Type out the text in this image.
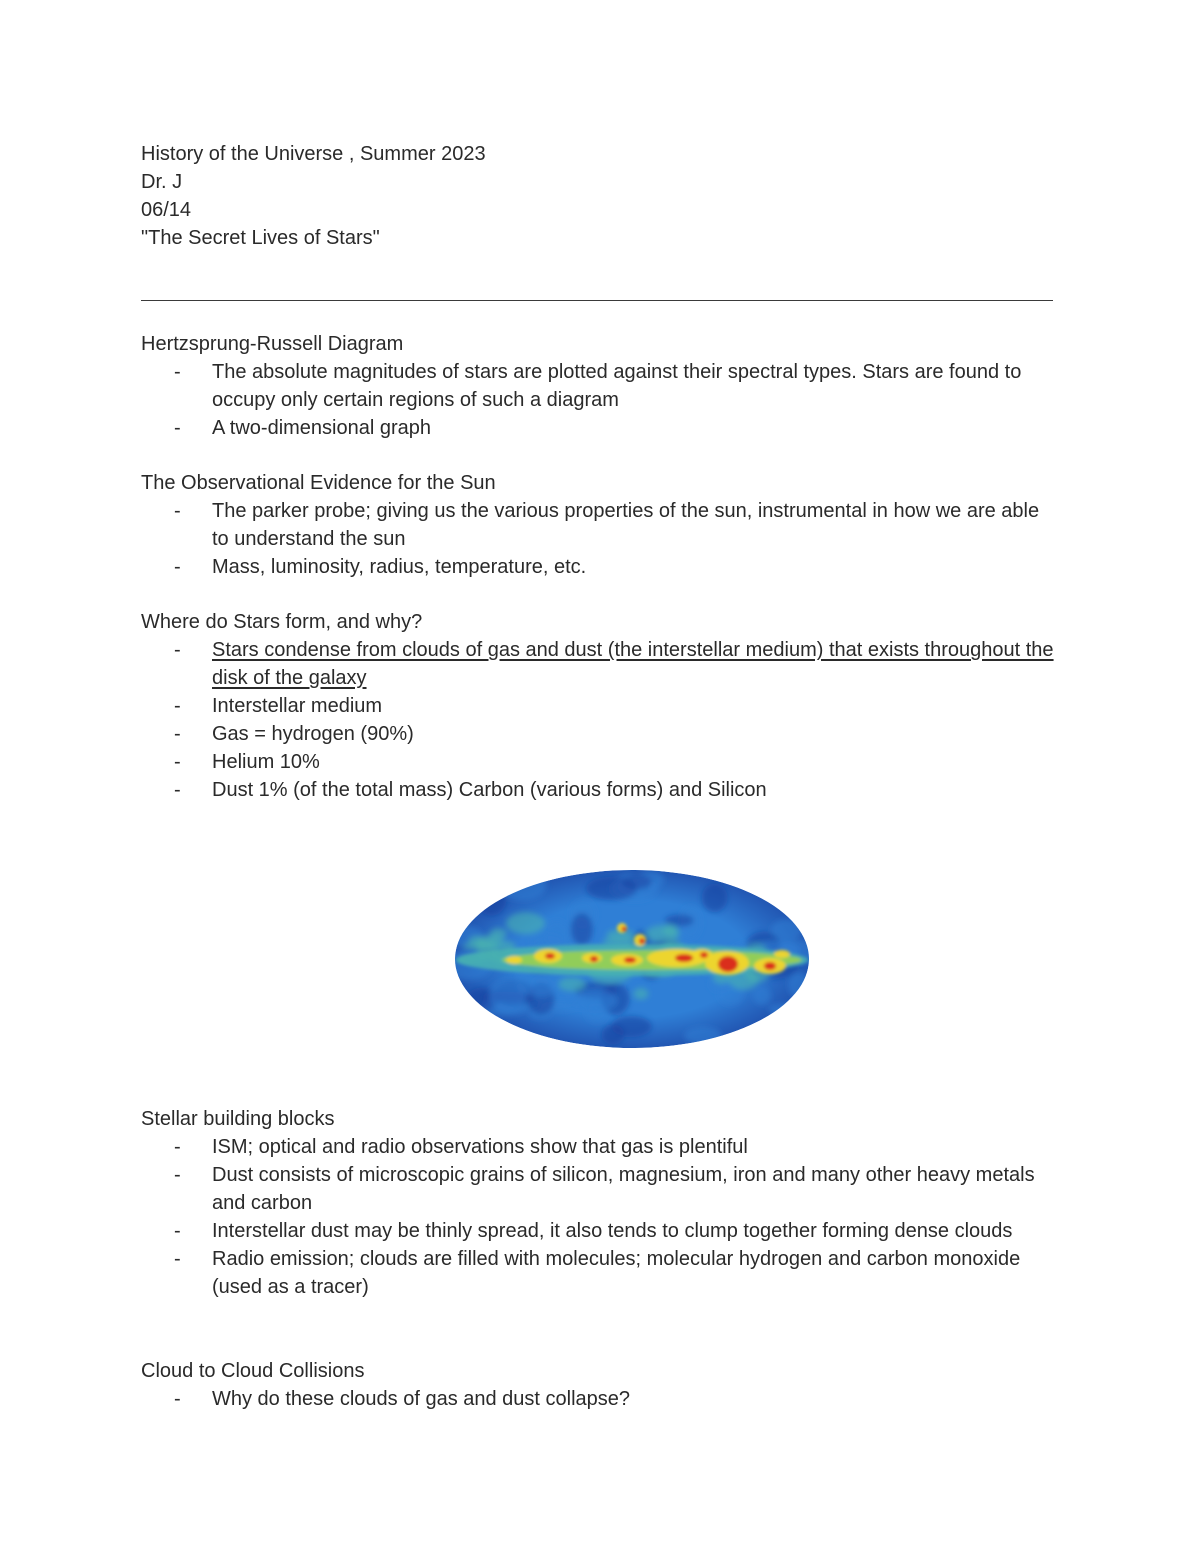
History of the Universe , Summer 2023

Dr. J

06/14

"The Secret Lives of Stars"

Hertzsprung-Russell Diagram

- The absolute magnitudes of stars are plotted against their spectral types. Stars are found to occupy only certain regions of such a diagram
- A two-dimensional graph

The Observational Evidence for the Sun

- The parker probe; giving us the various properties of the sun, instrumental in how we are able to understand the sun
- Mass, luminosity, radius, temperature, etc.

Where do Stars form, and why?

- Stars condense from clouds of gas and dust (the interstellar medium) that exists throughout the disk of the galaxy
- Interstellar medium
- Gas = hydrogen (90%)
- Helium 10%
- Dust 1% (of the total mass) Carbon (various forms) and Silicon

Stellar building blocks

- ISM; optical and radio observations show that gas is plentiful
- Dust consists of microscopic grains of silicon, magnesium, iron and many other heavy metals and carbon
- Interstellar dust may be thinly spread, it also tends to clump together forming dense clouds
- Radio emission; clouds are filled with molecules; molecular hydrogen and carbon monoxide (used as a tracer)

Cloud to Cloud Collisions

- Why do these clouds of gas and dust collapse?
